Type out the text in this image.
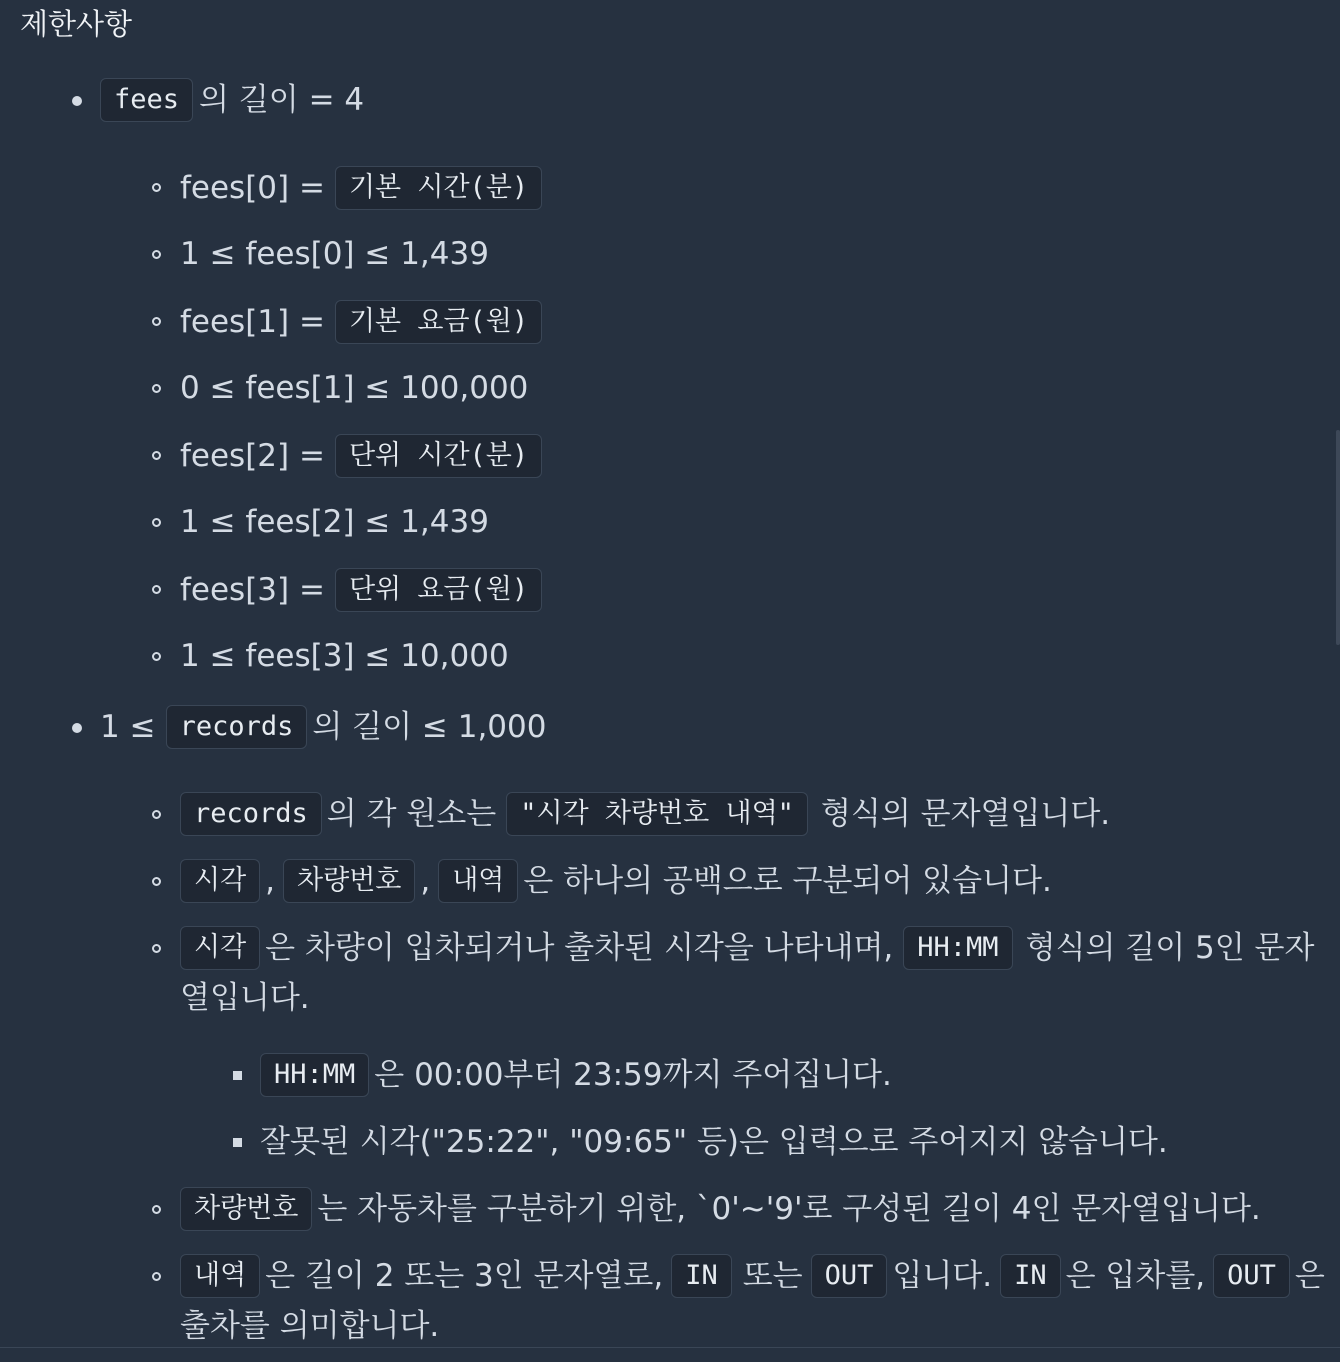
제한사항
fees 의 길이 = 4
fees[0] = 기본 시간(분)
1 ≤ fees[0] ≤ 1,439
fees[1] = 기본 요금(원)
0 ≤ fees[1] ≤ 100,000
fees[2] = 단위 시간(분)
1 ≤ fees[2] ≤ 1,439
fees[3] = 단위 요금(원)
1 ≤ fees[3] ≤ 10,000
1 ≤ records 의 길이 ≤ 1,000
records 의 각 원소는 "시각 차량번호 내역" 형식의 문자열입니다.
시각 , 차량번호 , 내역 은 하나의 공백으로 구분되어 있습니다.
시각 은 차량이 입차되거나 출차된 시각을 나타내며, HH:MM 형식의 길이 5인 문자
열입니다.
HH:MM 은 00:00부터 23:59까지 주어집니다.
잘못된 시각("25:22", "09:65" 등)은 입력으로 주어지지 않습니다.
차량번호 는 자동차를 구분하기 위한, `0'~'9'로 구성된 길이 4인 문자열입니다.
내역 은 길이 2 또는 3인 문자열로, IN 또는 OUT 입니다. IN 은 입차를, OUT 은
출차를 의미합니다.
